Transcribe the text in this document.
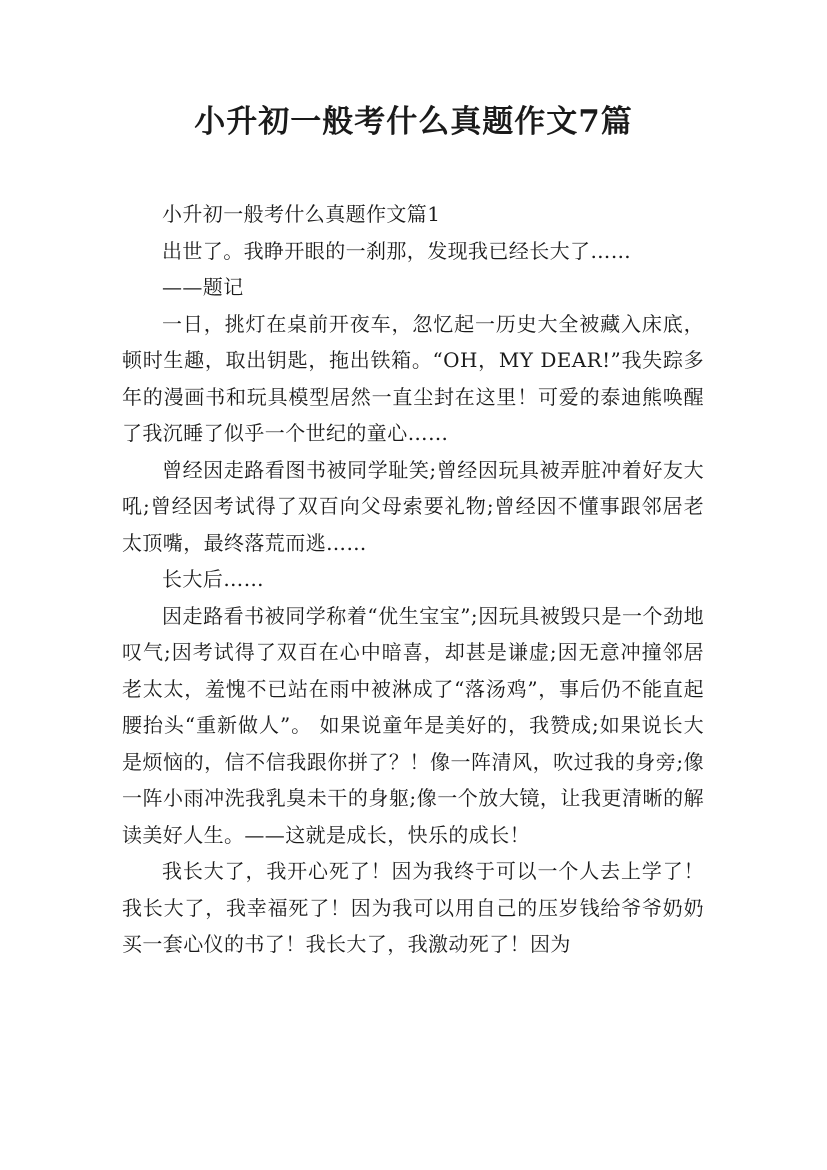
小升初一般考什么真题作文7篇

小升初一般考什么真题作文篇1

出世了。我睁开眼的一刹那，发现我已经长大了……

——题记

一日，挑灯在桌前开夜车，忽忆起一历史大全被藏入床底，顿时生趣，取出钥匙，拖出铁箱。“OH，MY DEAR!”我失踪多年的漫画书和玩具模型居然一直尘封在这里！可爱的泰迪熊唤醒了我沉睡了似乎一个世纪的童心……

曾经因走路看图书被同学耻笑;曾经因玩具被弄脏冲着好友大吼;曾经因考试得了双百向父母索要礼物;曾经因不懂事跟邻居老太顶嘴，最终落荒而逃……

长大后……

因走路看书被同学称着“优生宝宝”;因玩具被毁只是一个劲地叹气;因考试得了双百在心中暗喜，却甚是谦虚;因无意冲撞邻居老太太，羞愧不已站在雨中被淋成了“落汤鸡”，事后仍不能直起腰抬头“重新做人”。 如果说童年是美好的，我赞成;如果说长大是烦恼的，信不信我跟你拼了？！像一阵清风，吹过我的身旁;像一阵小雨冲洗我乳臭未干的身躯;像一个放大镜，让我更清晰的解读美好人生。——这就是成长，快乐的成长！

我长大了，我开心死了！因为我终于可以一个人去上学了！我长大了，我幸福死了！因为我可以用自己的压岁钱给爷爷奶奶买一套心仪的书了！我长大了，我激动死了！因为
